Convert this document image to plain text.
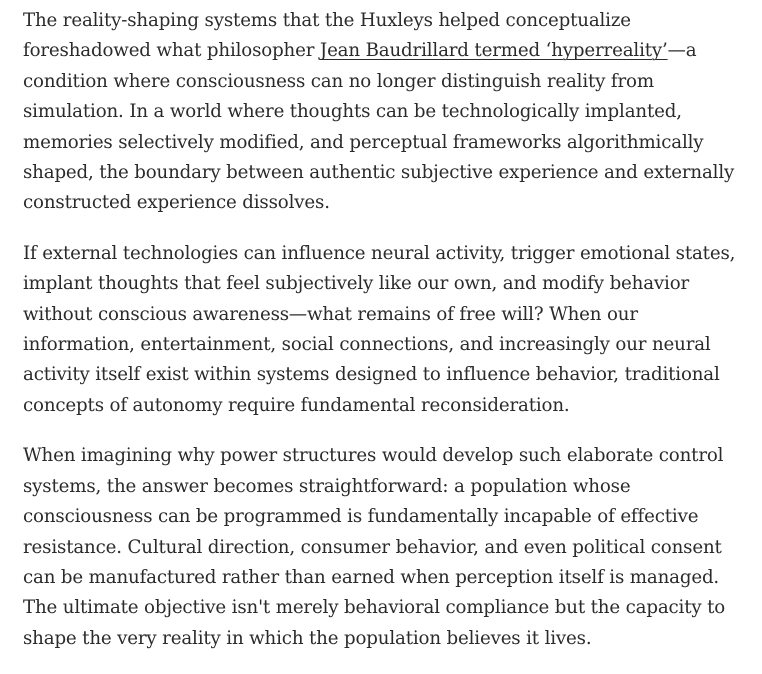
The reality-shaping systems that the Huxleys helped conceptualize foreshadowed what philosopher Jean Baudrillard termed ‘hyperreality’—a condition where consciousness can no longer distinguish reality from simulation. In a world where thoughts can be technologically implanted, memories selectively modified, and perceptual frameworks algorithmically shaped, the boundary between authentic subjective experience and externally constructed experience dissolves.

If external technologies can influence neural activity, trigger emotional states, implant thoughts that feel subjectively like our own, and modify behavior without conscious awareness—what remains of free will? When our information, entertainment, social connections, and increasingly our neural activity itself exist within systems designed to influence behavior, traditional concepts of autonomy require fundamental reconsideration.

When imagining why power structures would develop such elaborate control systems, the answer becomes straightforward: a population whose consciousness can be programmed is fundamentally incapable of effective resistance. Cultural direction, consumer behavior, and even political consent can be manufactured rather than earned when perception itself is managed. The ultimate objective isn't merely behavioral compliance but the capacity to shape the very reality in which the population believes it lives.
